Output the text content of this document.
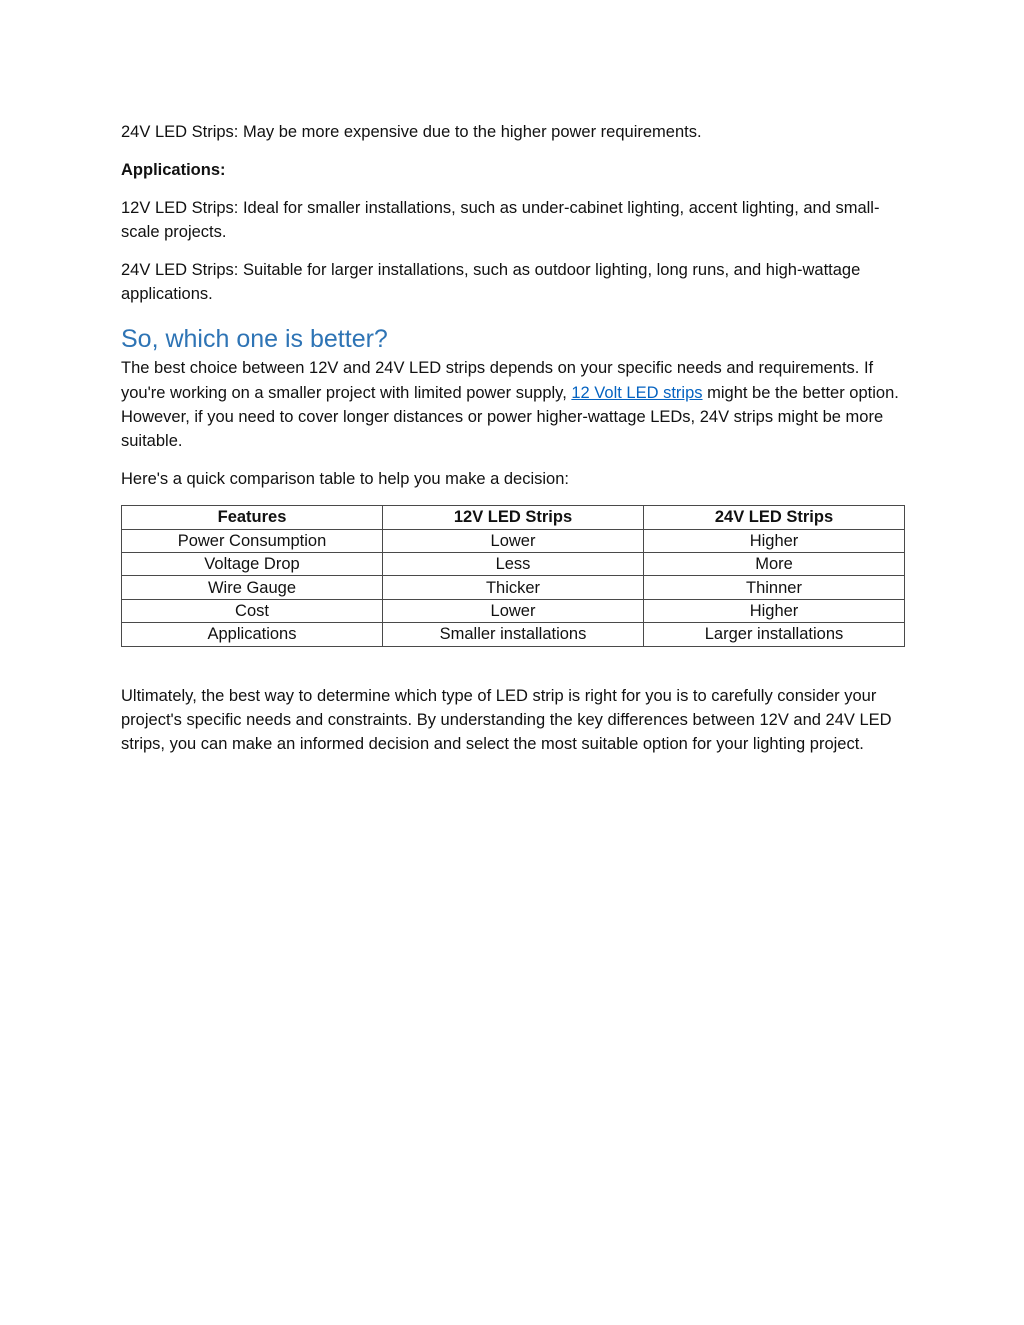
24V LED Strips: May be more expensive due to the higher power requirements.

Applications:

12V LED Strips: Ideal for smaller installations, such as under-cabinet lighting, accent lighting, and small-scale projects.

24V LED Strips: Suitable for larger installations, such as outdoor lighting, long runs, and high-wattage applications.

So, which one is better?

The best choice between 12V and 24V LED strips depends on your specific needs and requirements. If you're working on a smaller project with limited power supply, 12 Volt LED strips might be the better option. However, if you need to cover longer distances or power higher-wattage LEDs, 24V strips might be more suitable.

Here's a quick comparison table to help you make a decision:

Features	12V LED Strips	24V LED Strips
Power Consumption	Lower	Higher
Voltage Drop	Less	More
Wire Gauge	Thicker	Thinner
Cost	Lower	Higher
Applications	Smaller installations	Larger installations

Ultimately, the best way to determine which type of LED strip is right for you is to carefully consider your project's specific needs and constraints. By understanding the key differences between 12V and 24V LED strips, you can make an informed decision and select the most suitable option for your lighting project.
